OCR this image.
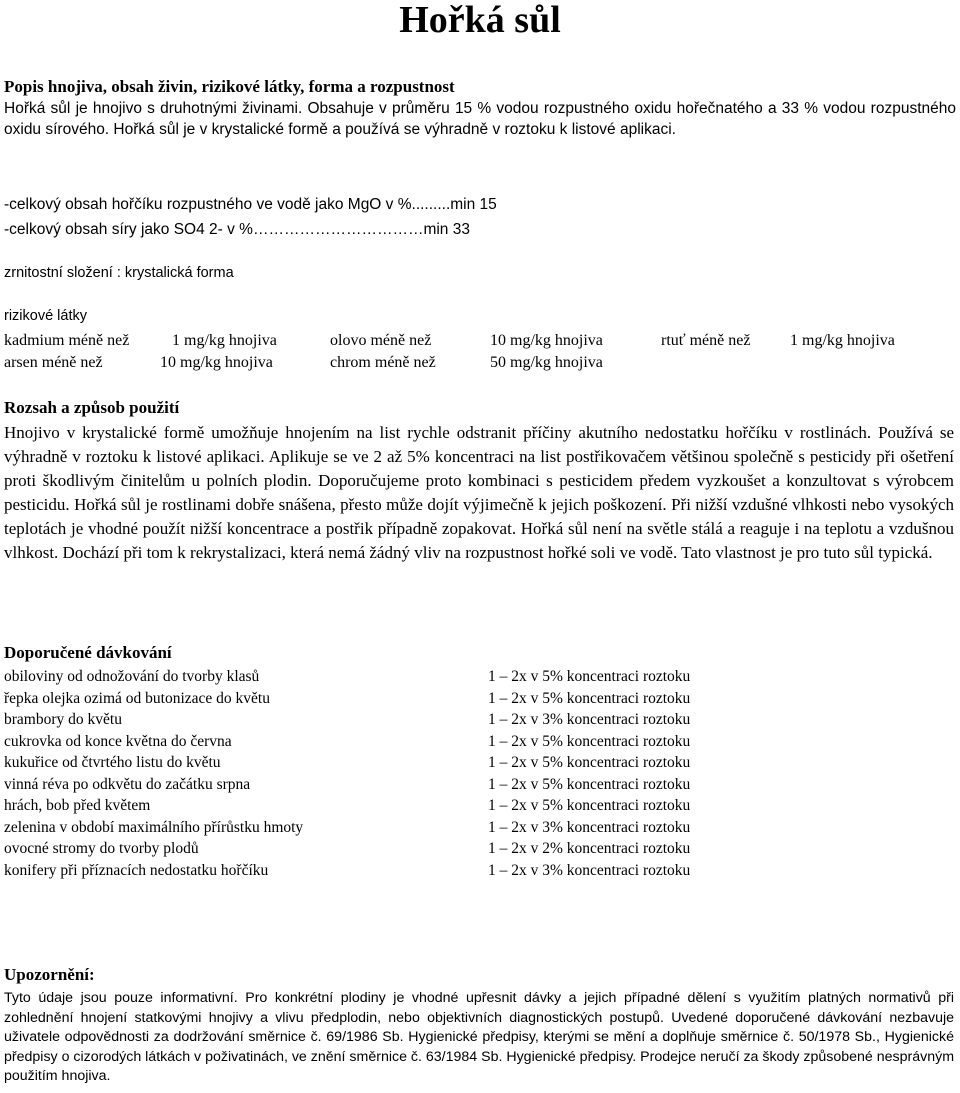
Hořká sůl
Popis hnojiva, obsah živin, rizikové látky, forma a rozpustnost
Hořká sůl je hnojivo s druhotnými živinami. Obsahuje v průměru 15 % vodou rozpustného oxidu hořečnatého a 33 % vodou rozpustného oxidu sírového. Hořká sůl je v krystalické formě a používá se výhradně v roztoku k listové aplikaci.
-celkový obsah hořčíku rozpustného ve vodě jako MgO v %.........min 15
-celkový obsah síry jako SO4 2- v %……………………………min 33
zrnitostní složení : krystalická forma
rizikové látky
kadmium méně než	1 mg/kg hnojiva	olovo méně než	10 mg/kg hnojiva	rtuť méně než 1 mg/kg hnojiva
arsen méně než	10 mg/kg hnojiva	chrom méně než	50 mg/kg hnojiva
Rozsah a způsob použití
Hnojivo v krystalické formě umožňuje hnojením na list rychle odstranit příčiny akutního nedostatku hořčíku v rostlinách. Používá se výhradně v roztoku k listové aplikaci. Aplikuje se ve 2 až 5% koncentraci na list postřikovačem většinou společně s pesticidy při ošetření proti škodlivým činitelům u polních plodin. Doporučujeme proto kombinaci s pesticidem předem vyzkoušet a konzultovat s výrobcem pesticidu. Hořká sůl je rostlinami dobře snášena, přesto může dojít výjimečně k jejich poškození. Při nižší vzdušné vlhkosti nebo vysokých teplotách je vhodné použít nižší koncentrace a postřik případně zopakovat. Hořká sůl není na světle stálá a reaguje i na teplotu a vzdušnou vlhkost. Dochází při tom k rekrystalizaci, která nemá žádný vliv na rozpustnost hořké soli ve vodě. Tato vlastnost je pro tuto sůl typická.
Doporučené dávkování
obiloviny od odnožování do tvorby klasů	1 – 2x v 5% koncentraci roztoku
řepka olejka ozimá od butonizace do květu	1 – 2x v 5% koncentraci roztoku
brambory do květu	1 – 2x v 3% koncentraci roztoku
cukrovka od konce května do června	1 – 2x v 5% koncentraci roztoku
kukuřice od čtvrtého listu do květu	1 – 2x v 5% koncentraci roztoku
vinná réva po odkvětu do začátku srpna	1 – 2x v 5% koncentraci roztoku
hrách, bob před květem	1 – 2x v 5% koncentraci roztoku
zelenina v období maximálního přírůstku hmoty	1 – 2x v 3% koncentraci roztoku
ovocné stromy do tvorby plodů	1 – 2x v 2% koncentraci roztoku
konifery při příznacích nedostatku hořčíku	1 – 2x v 3% koncentraci roztoku
Upozornění:
Tyto údaje jsou pouze informativní. Pro konkrétní plodiny je vhodné upřesnit dávky a jejich případné dělení s využitím platných normativů při zohlednění hnojení statkovými hnojivy a vlivu předplodin, nebo objektivních diagnostických postupů. Uvedené doporučené dávkování nezbavuje uživatele odpovědnosti za dodržování směrnice č. 69/1986 Sb. Hygienické předpisy, kterými se mění a doplňuje směrnice č. 50/1978 Sb., Hygienické předpisy o cizorodých látkách v poživatinách, ve znění směrnice č. 63/1984 Sb. Hygienické předpisy. Prodejce neručí za škody způsobené nesprávným použitím hnojiva.
